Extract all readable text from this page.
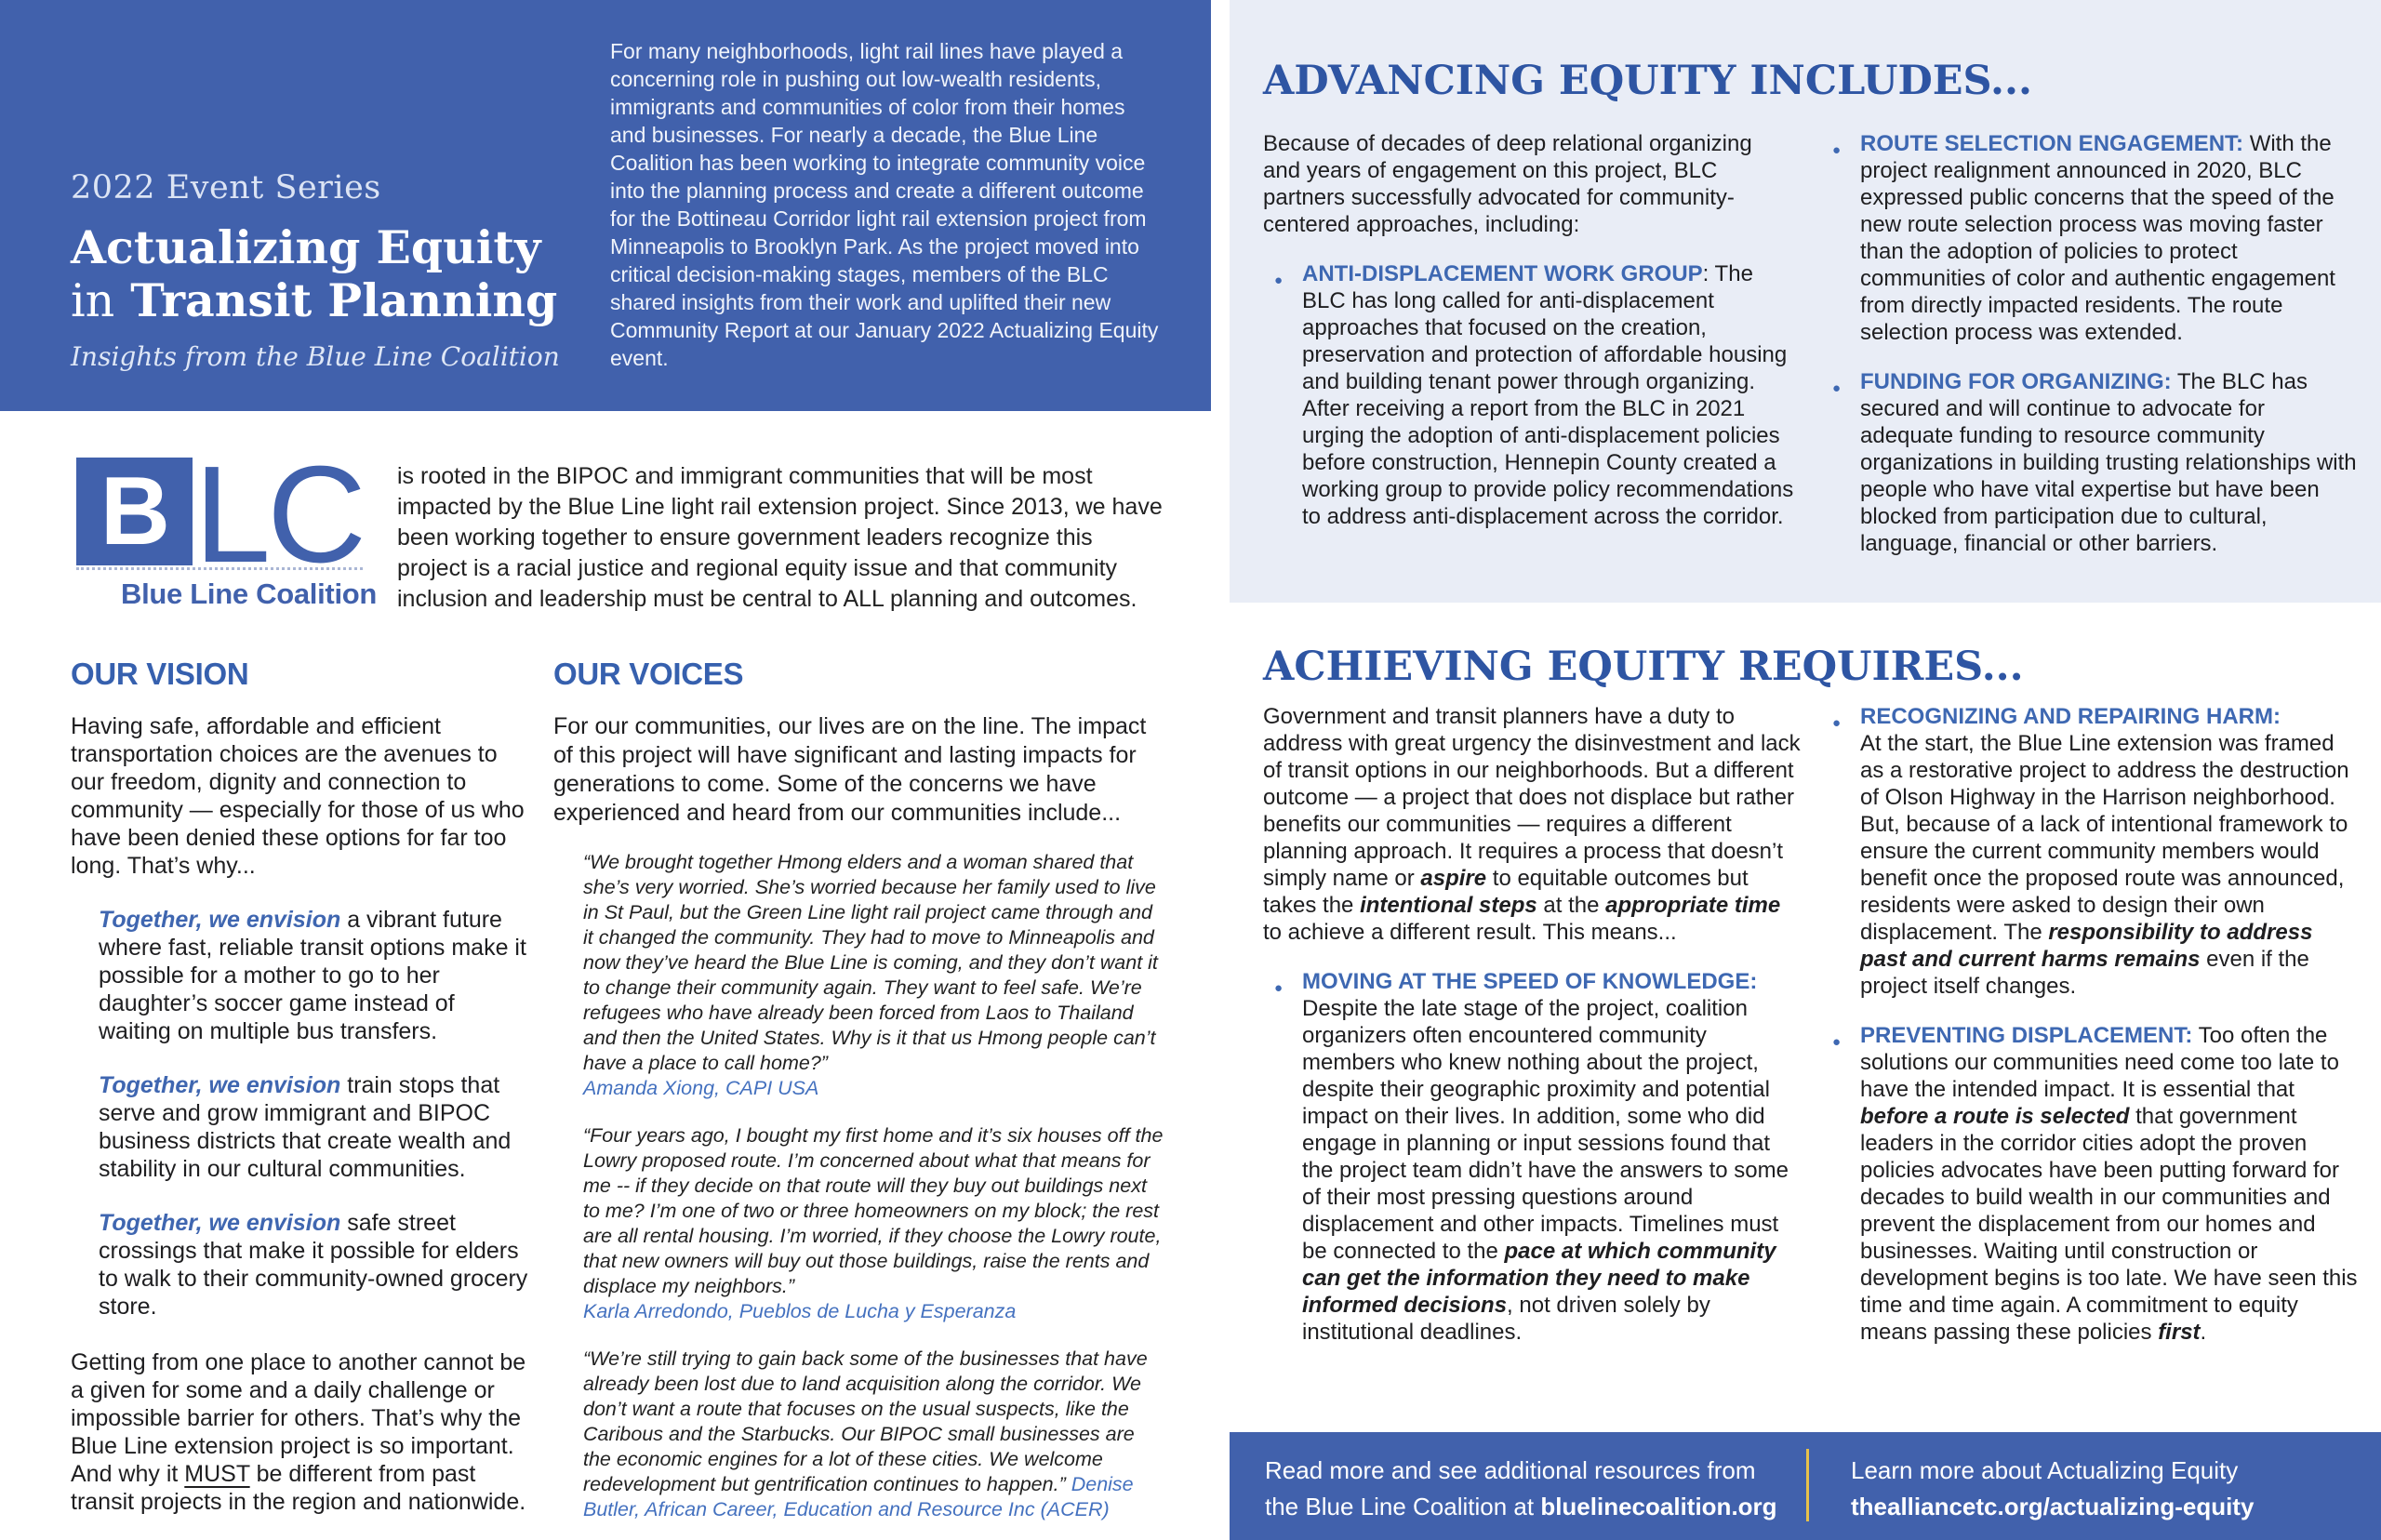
2022 Event Series
Actualizing Equity
in Transit Planning
Insights from the Blue Line Coalition

For many neighborhoods, light rail lines have played a concerning role in pushing out low-wealth residents, immigrants and communities of color from their homes and businesses. For nearly a decade, the Blue Line Coalition has been working to integrate community voice into the planning process and create a different outcome for the Bottineau Corridor light rail extension project from Minneapolis to Brooklyn Park. As the project moved into critical decision-making stages, members of the BLC shared insights from their work and uplifted their new Community Report at our January 2022 Actualizing Equity event.

B LC
Blue Line Coalition

is rooted in the BIPOC and immigrant communities that will be most impacted by the Blue Line light rail extension project. Since 2013, we have been working together to ensure government leaders recognize this project is a racial justice and regional equity issue and that community inclusion and leadership must be central to ALL planning and outcomes.

OUR VISION

Having safe, affordable and efficient transportation choices are the avenues to our freedom, dignity and connection to community — especially for those of us who have been denied these options for far too long. That’s why...

Together, we envision a vibrant future where fast, reliable transit options make it possible for a mother to go to her daughter’s soccer game instead of waiting on multiple bus transfers.

Together, we envision train stops that serve and grow immigrant and BIPOC business districts that create wealth and stability in our cultural communities.

Together, we envision safe street crossings that make it possible for elders to walk to their community-owned grocery store.

Getting from one place to another cannot be a given for some and a daily challenge or impossible barrier for others. That’s why the Blue Line extension project is so important. And why it MUST be different from past transit projects in the region and nationwide.

OUR VOICES

For our communities, our lives are on the line. The impact of this project will have significant and lasting impacts for generations to come. Some of the concerns we have experienced and heard from our communities include...

“We brought together Hmong elders and a woman shared that she’s very worried. She’s worried because her family used to live in St Paul, but the Green Line light rail project came through and it changed the community. They had to move to Minneapolis and now they’ve heard the Blue Line is coming, and they don’t want it to change their community again. They want to feel safe. We’re refugees who have already been forced from Laos to Thailand and then the United States. Why is it that us Hmong people can’t have a place to call home?”
Amanda Xiong, CAPI USA

“Four years ago, I bought my first home and it’s six houses off the Lowry proposed route. I’m concerned about what that means for me -- if they decide on that route will they buy out buildings next to me? I’m one of two or three homeowners on my block; the rest are all rental housing. I’m worried, if they choose the Lowry route, that new owners will buy out those buildings, raise the rents and displace my neighbors.”
Karla Arredondo, Pueblos de Lucha y Esperanza

“We’re still trying to gain back some of the businesses that have already been lost due to land acquisition along the corridor. We don’t want a route that focuses on the usual suspects, like the Caribous and the Starbucks. Our BIPOC small businesses are the economic engines for a lot of these cities. We welcome redevelopment but gentrification continues to happen.” Denise Butler, African Career, Education and Resource Inc (ACER)

ADVANCING EQUITY INCLUDES...

Because of decades of deep relational organizing and years of engagement on this project, BLC partners successfully advocated for community-centered approaches, including:

● ANTI-DISPLACEMENT WORK GROUP: The BLC has long called for anti-displacement approaches that focused on the creation, preservation and protection of affordable housing and building tenant power through organizing. After receiving a report from the BLC in 2021 urging the adoption of anti-displacement policies before construction, Hennepin County created a working group to provide policy recommendations to address anti-displacement across the corridor.
● ROUTE SELECTION ENGAGEMENT: With the project realignment announced in 2020, BLC expressed public concerns that the speed of the new route selection process was moving faster than the adoption of policies to protect communities of color and authentic engagement from directly impacted residents. The route selection process was extended.
● FUNDING FOR ORGANIZING: The BLC has secured and will continue to advocate for adequate funding to resource community organizations in building trusting relationships with people who have vital expertise but have been blocked from participation due to cultural, language, financial or other barriers.
ACHIEVING EQUITY REQUIRES...

Government and transit planners have a duty to address with great urgency the disinvestment and lack of transit options in our neighborhoods. But a different outcome — a project that does not displace but rather benefits our communities — requires a different planning approach. It requires a process that doesn’t simply name or aspire to equitable outcomes but takes the intentional steps at the appropriate time to achieve a different result. This means...

● MOVING AT THE SPEED OF KNOWLEDGE:
Despite the late stage of the project, coalition organizers often encountered community members who knew nothing about the project, despite their geographic proximity and potential impact on their lives. In addition, some who did engage in planning or input sessions found that the project team didn’t have the answers to some of their most pressing questions around displacement and other impacts. Timelines must be connected to the pace at which community can get the information they need to make informed decisions, not driven solely by institutional deadlines.
● RECOGNIZING AND REPAIRING HARM:
At the start, the Blue Line extension was framed as a restorative project to address the destruction of Olson Highway in the Harrison neighborhood. But, because of a lack of intentional framework to ensure the current community members would benefit once the proposed route was announced, residents were asked to design their own displacement. The responsibility to address past and current harms remains even if the project itself changes.
● PREVENTING DISPLACEMENT: Too often the solutions our communities need come too late to have the intended impact. It is essential that before a route is selected that government leaders in the corridor cities adopt the proven policies advocates have been putting forward for decades to build wealth in our communities and prevent the displacement from our homes and businesses. Waiting until construction or development begins is too late. We have seen this time and time again. A commitment to equity means passing these policies first.
Read more and see additional resources from
the Blue Line Coalition at bluelinecoalition.org
Learn more about Actualizing Equity
thealliancetc.org/actualizing-equity
